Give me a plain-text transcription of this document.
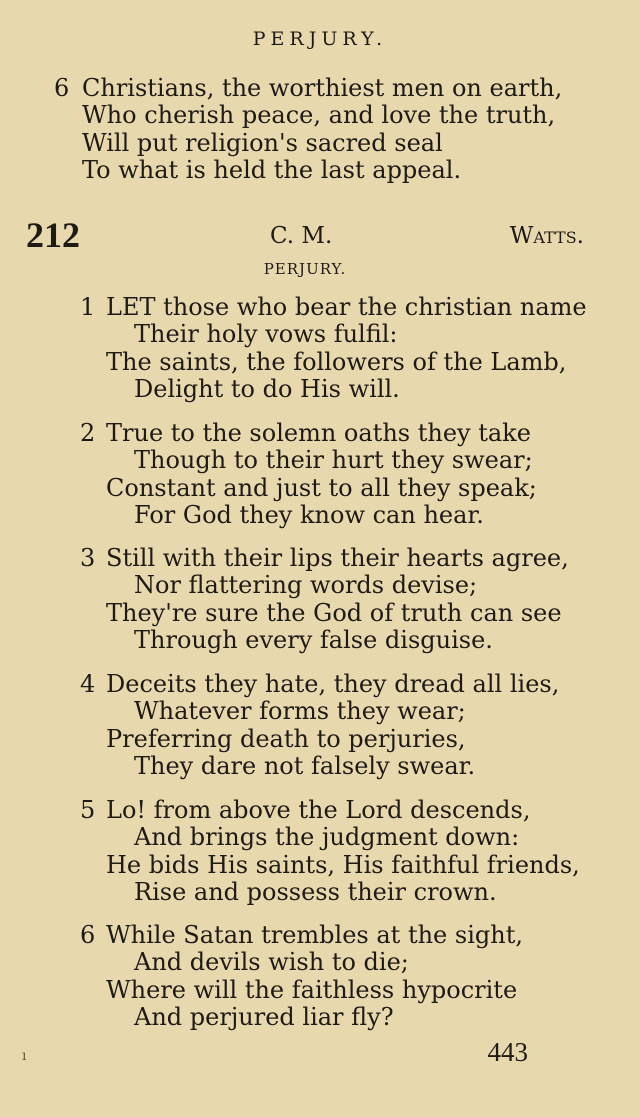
PERJURY.
6 Christians, the worthiest men on earth,
Who cherish peace, and love the truth,
Will put religion's sacred seal
To what is held the last appeal.
212	C. M.	Watts.
PERJURY.
1 LET those who bear the christian name
Their holy vows fulfil:
The saints, the followers of the Lamb,
Delight to do His will.
2 True to the solemn oaths they take
Though to their hurt they swear;
Constant and just to all they speak;
For God they know can hear.
3 Still with their lips their hearts agree,
Nor flattering words devise;
They're sure the God of truth can see
Through every false disguise.
4 Deceits they hate, they dread all lies,
Whatever forms they wear;
Preferring death to perjuries,
They dare not falsely swear.
5 Lo! from above the Lord descends,
And brings the judgment down:
He bids His saints, His faithful friends,
Rise and possess their crown.
6 While Satan trembles at the sight,
And devils wish to die;
Where will the faithless hypocrite
And perjured liar fly?
ı	443
